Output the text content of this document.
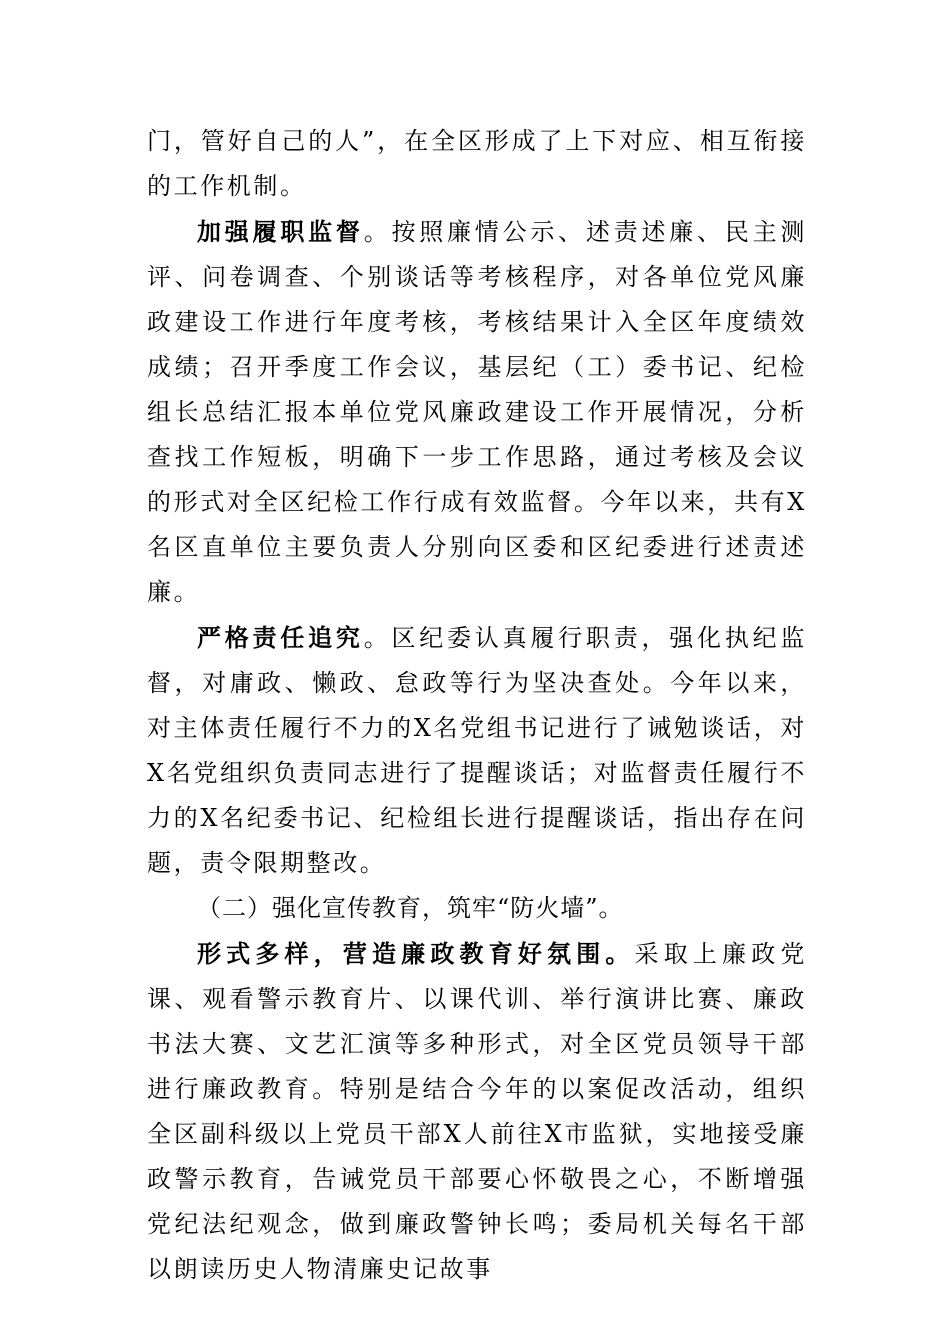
门，管好自己的人”，在全区形成了上下对应、相互衔接的工作机制。

加强履职监督。按照廉情公示、述责述廉、民主测评、问卷调查、个别谈话等考核程序，对各单位党风廉政建设工作进行年度考核，考核结果计入全区年度绩效成绩；召开季度工作会议，基层纪（工）委书记、纪检组长总结汇报本单位党风廉政建设工作开展情况，分析查找工作短板，明确下一步工作思路，通过考核及会议的形式对全区纪检工作行成有效监督。今年以来，共有X名区直单位主要负责人分别向区委和区纪委进行述责述廉。

严格责任追究。区纪委认真履行职责，强化执纪监督，对庸政、懒政、怠政等行为坚决查处。今年以来，对主体责任履行不力的X名党组书记进行了诫勉谈话，对X名党组织负责同志进行了提醒谈话；对监督责任履行不力的X名纪委书记、纪检组长进行提醒谈话，指出存在问题，责令限期整改。

（二）强化宣传教育，筑牢“防火墙”。

形式多样，营造廉政教育好氛围。采取上廉政党课、观看警示教育片、以课代训、举行演讲比赛、廉政书法大赛、文艺汇演等多种形式，对全区党员领导干部进行廉政教育。特别是结合今年的以案促改活动，组织全区副科级以上党员干部X人前往X市监狱，实地接受廉政警示教育，告诫党员干部要心怀敬畏之心，不断增强党纪法纪观念，做到廉政警钟长鸣；委局机关每名干部以朗读历史人物清廉史记故事
